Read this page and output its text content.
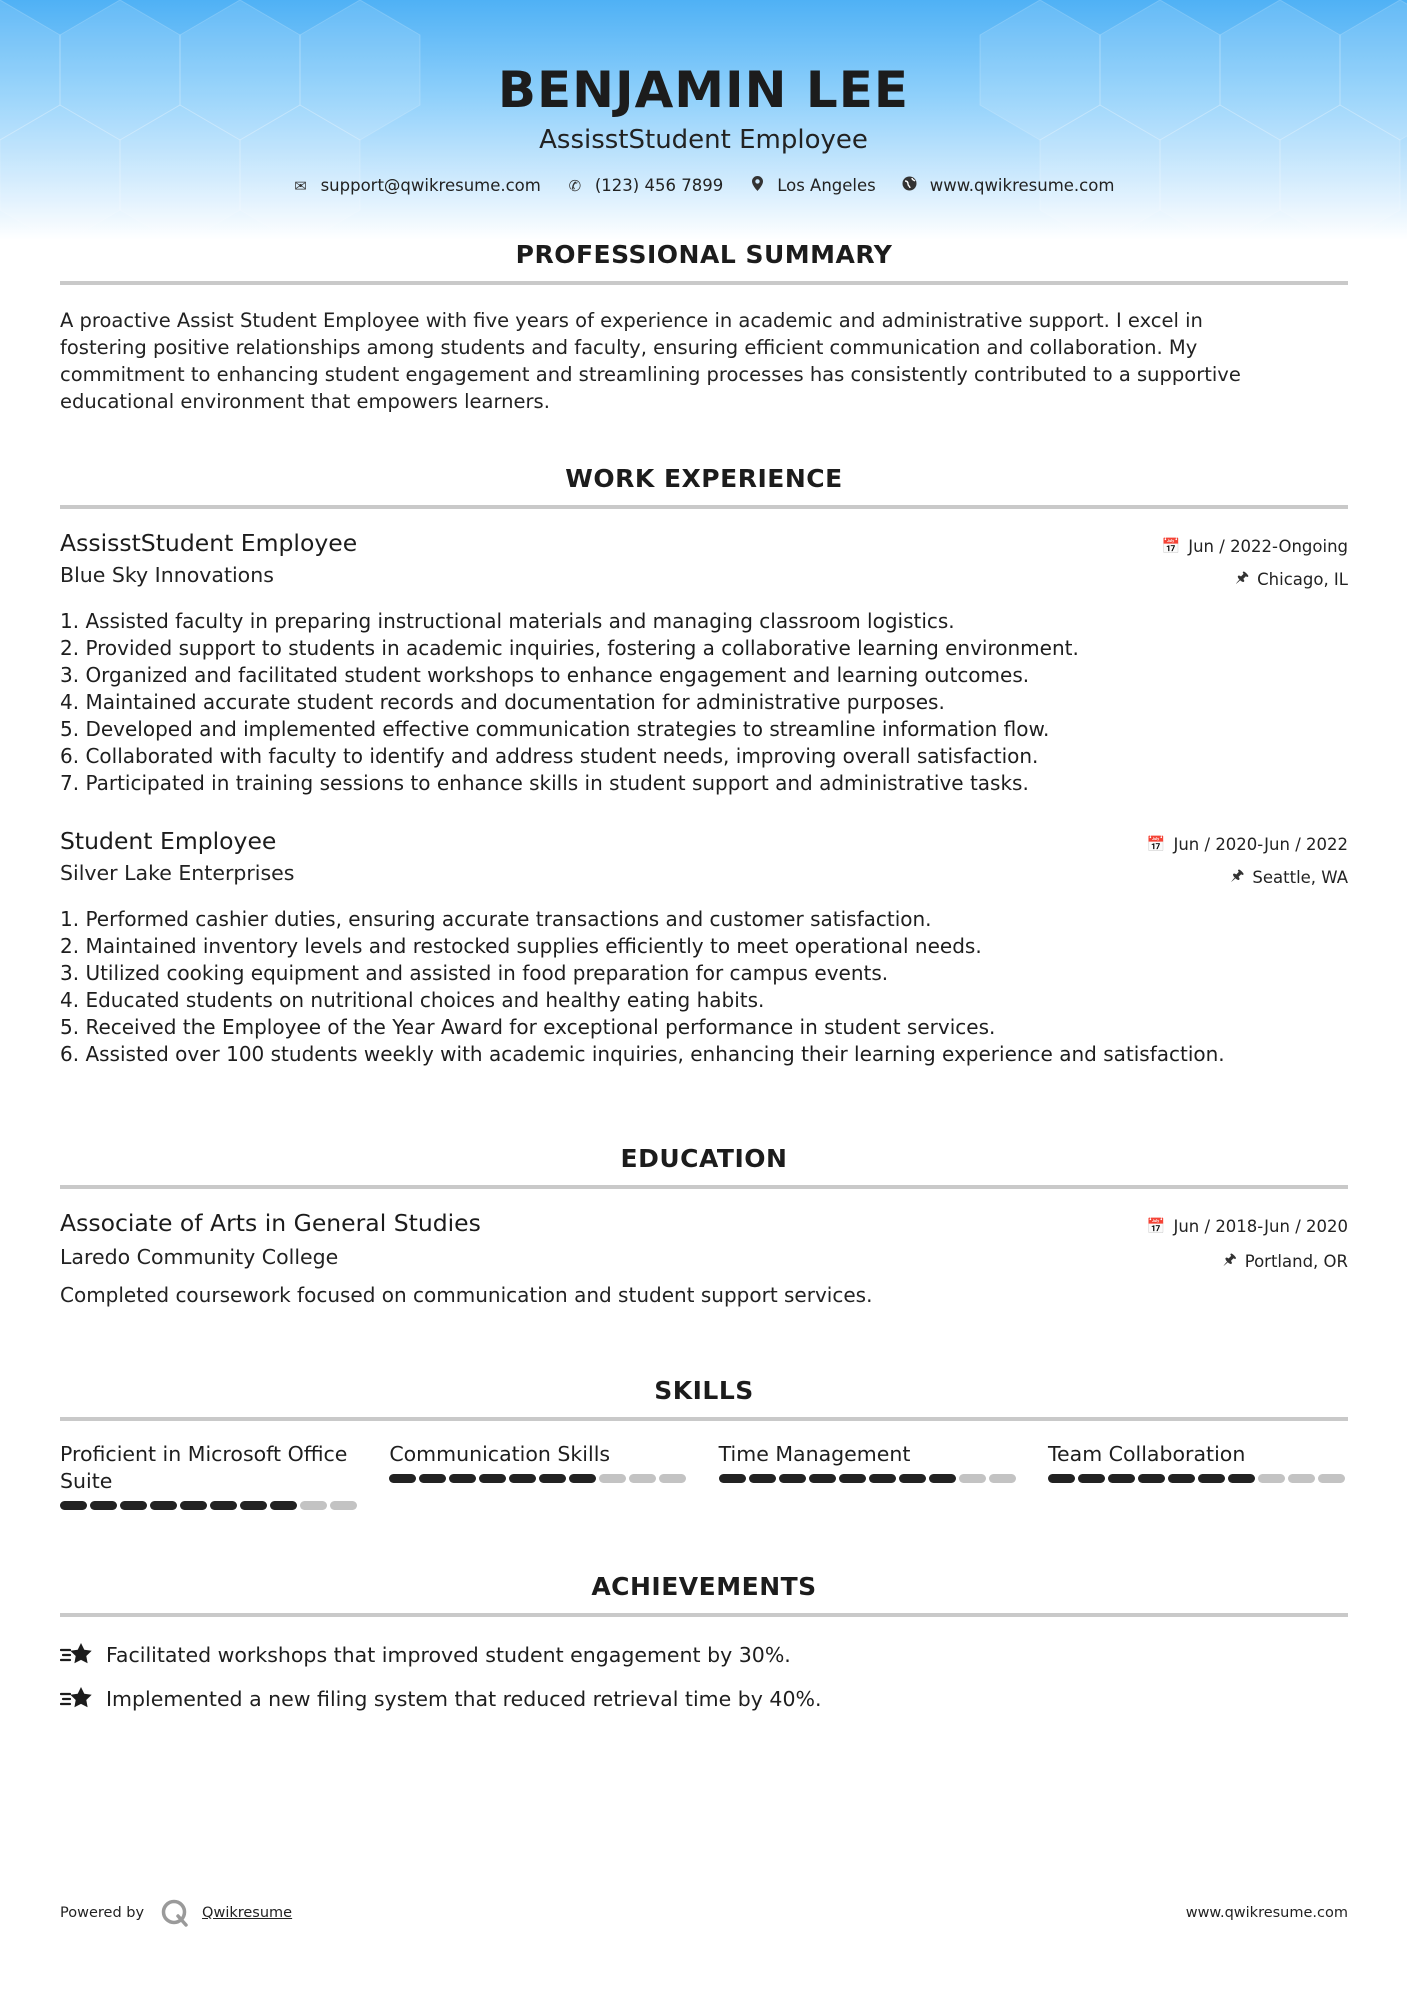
BENJAMIN LEE
AssisstStudent Employee
✉ support@qwikresume.com ✆ (123) 456 7899	Los Angeles	www.qwikresume.com
PROFESSIONAL SUMMARY
A proactive Assist Student Employee with five years of experience in academic and administrative support. I excel in
fostering positive relationships among students and faculty, ensuring efficient communication and collaboration. My
commitment to enhancing student engagement and streamlining processes has consistently contributed to a supportive
educational environment that empowers learners.
WORK EXPERIENCE
AssisstStudent Employee	📅 Jun / 2022-Ongoing
Blue Sky Innovations	🖈 Chicago, IL
1. Assisted faculty in preparing instructional materials and managing classroom logistics.
2. Provided support to students in academic inquiries, fostering a collaborative learning environment.
3. Organized and facilitated student workshops to enhance engagement and learning outcomes.
4. Maintained accurate student records and documentation for administrative purposes.
5. Developed and implemented effective communication strategies to streamline information flow.
6. Collaborated with faculty to identify and address student needs, improving overall satisfaction.
7. Participated in training sessions to enhance skills in student support and administrative tasks.
Student Employee	📅 Jun / 2020-Jun / 2022
Silver Lake Enterprises	🖈 Seattle, WA
1. Performed cashier duties, ensuring accurate transactions and customer satisfaction.
2. Maintained inventory levels and restocked supplies efficiently to meet operational needs.
3. Utilized cooking equipment and assisted in food preparation for campus events.
4. Educated students on nutritional choices and healthy eating habits.
5. Received the Employee of the Year Award for exceptional performance in student services.
6. Assisted over 100 students weekly with academic inquiries, enhancing their learning experience and satisfaction.
EDUCATION
Associate of Arts in General Studies	📅 Jun / 2018-Jun / 2020
Laredo Community College	🖈 Portland, OR
Completed coursework focused on communication and student support services.
SKILLS
Proficient in Microsoft Office
Suite
Communication Skills	Time Management	Team Collaboration
ACHIEVEMENTS
Facilitated workshops that improved student engagement by 30%.
Implemented a new filing system that reduced retrieval time by 40%.
Powered by	Qwikresume	www.qwikresume.com
